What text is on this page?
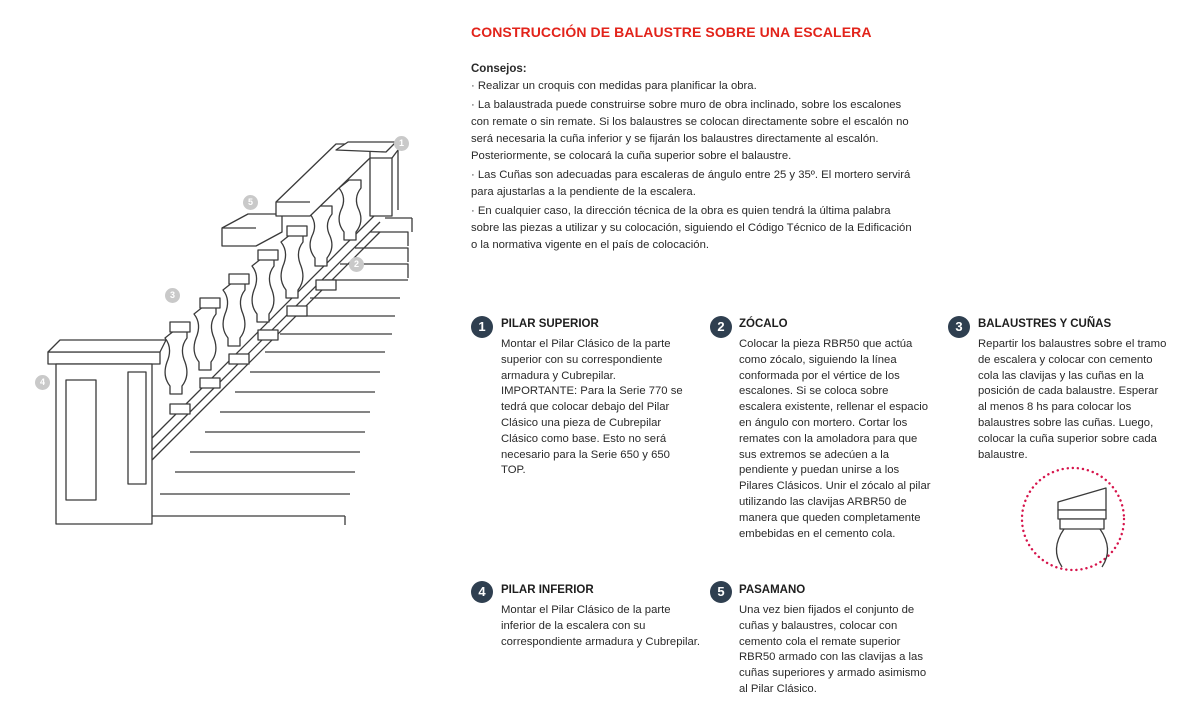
CONSTRUCCIÓN DE BALAUSTRE SOBRE UNA ESCALERA
Consejos:
· Realizar un croquis con medidas para planificar la obra.
· La balaustrada puede construirse sobre muro de obra inclinado, sobre los escalones con remate o sin remate. Si los balaustres se colocan directamente sobre el escalón no será necesaria la cuña inferior y se fijarán los balaustres directamente al escalón. Posteriormente, se colocará la cuña superior sobre el balaustre.
· Las Cuñas son adecuadas para escaleras de ángulo entre 25 y 35º. El mortero servirá para ajustarlas a la pendiente de la escalera.
· En cualquier caso, la dirección técnica de la obra es quien tendrá la última palabra sobre las piezas a utilizar y su colocación, siguiendo el Código Técnico de la Edificación o la normativa vigente en el país de colocación.
1
2
3
4
5
1	PILAR SUPERIOR
Montar el Pilar Clásico de la parte superior con su correspondiente armadura y Cubrepilar. IMPORTANTE: Para la Serie 770 se tedrá que colocar debajo del Pilar Clásico una pieza de Cubrepilar Clásico como base. Esto no será necesario para la Serie 650 y 650 TOP.
2	ZÓCALO
Colocar la pieza RBR50 que actúa como zócalo, siguiendo la línea conformada por el vértice de los escalones. Si se coloca sobre escalera existente, rellenar el espacio en ángulo con mortero. Cortar los remates con la amoladora para que sus extremos se adecúen a la pendiente y puedan unirse a los Pilares Clásicos. Unir el zócalo al pilar utilizando las clavijas ARBR50 de manera que queden completamente embebidas en el cemento cola.
3	BALAUSTRES Y CUÑAS
Repartir los balaustres sobre el tramo de escalera y colocar con cemento cola las clavijas y las cuñas en la posición de cada balaustre. Esperar al menos 8 hs para colocar los balaustres sobre las cuñas. Luego, colocar la cuña superior sobre cada balaustre.
4	PILAR INFERIOR
Montar el Pilar Clásico de la parte inferior de la escalera con su correspondiente armadura y Cubrepilar.
5	PASAMANO
Una vez bien fijados el conjunto de cuñas y balaustres, colocar con cemento cola el remate superior RBR50 armado con las clavijas a las cuñas superiores y armado asimismo al Pilar Clásico.
